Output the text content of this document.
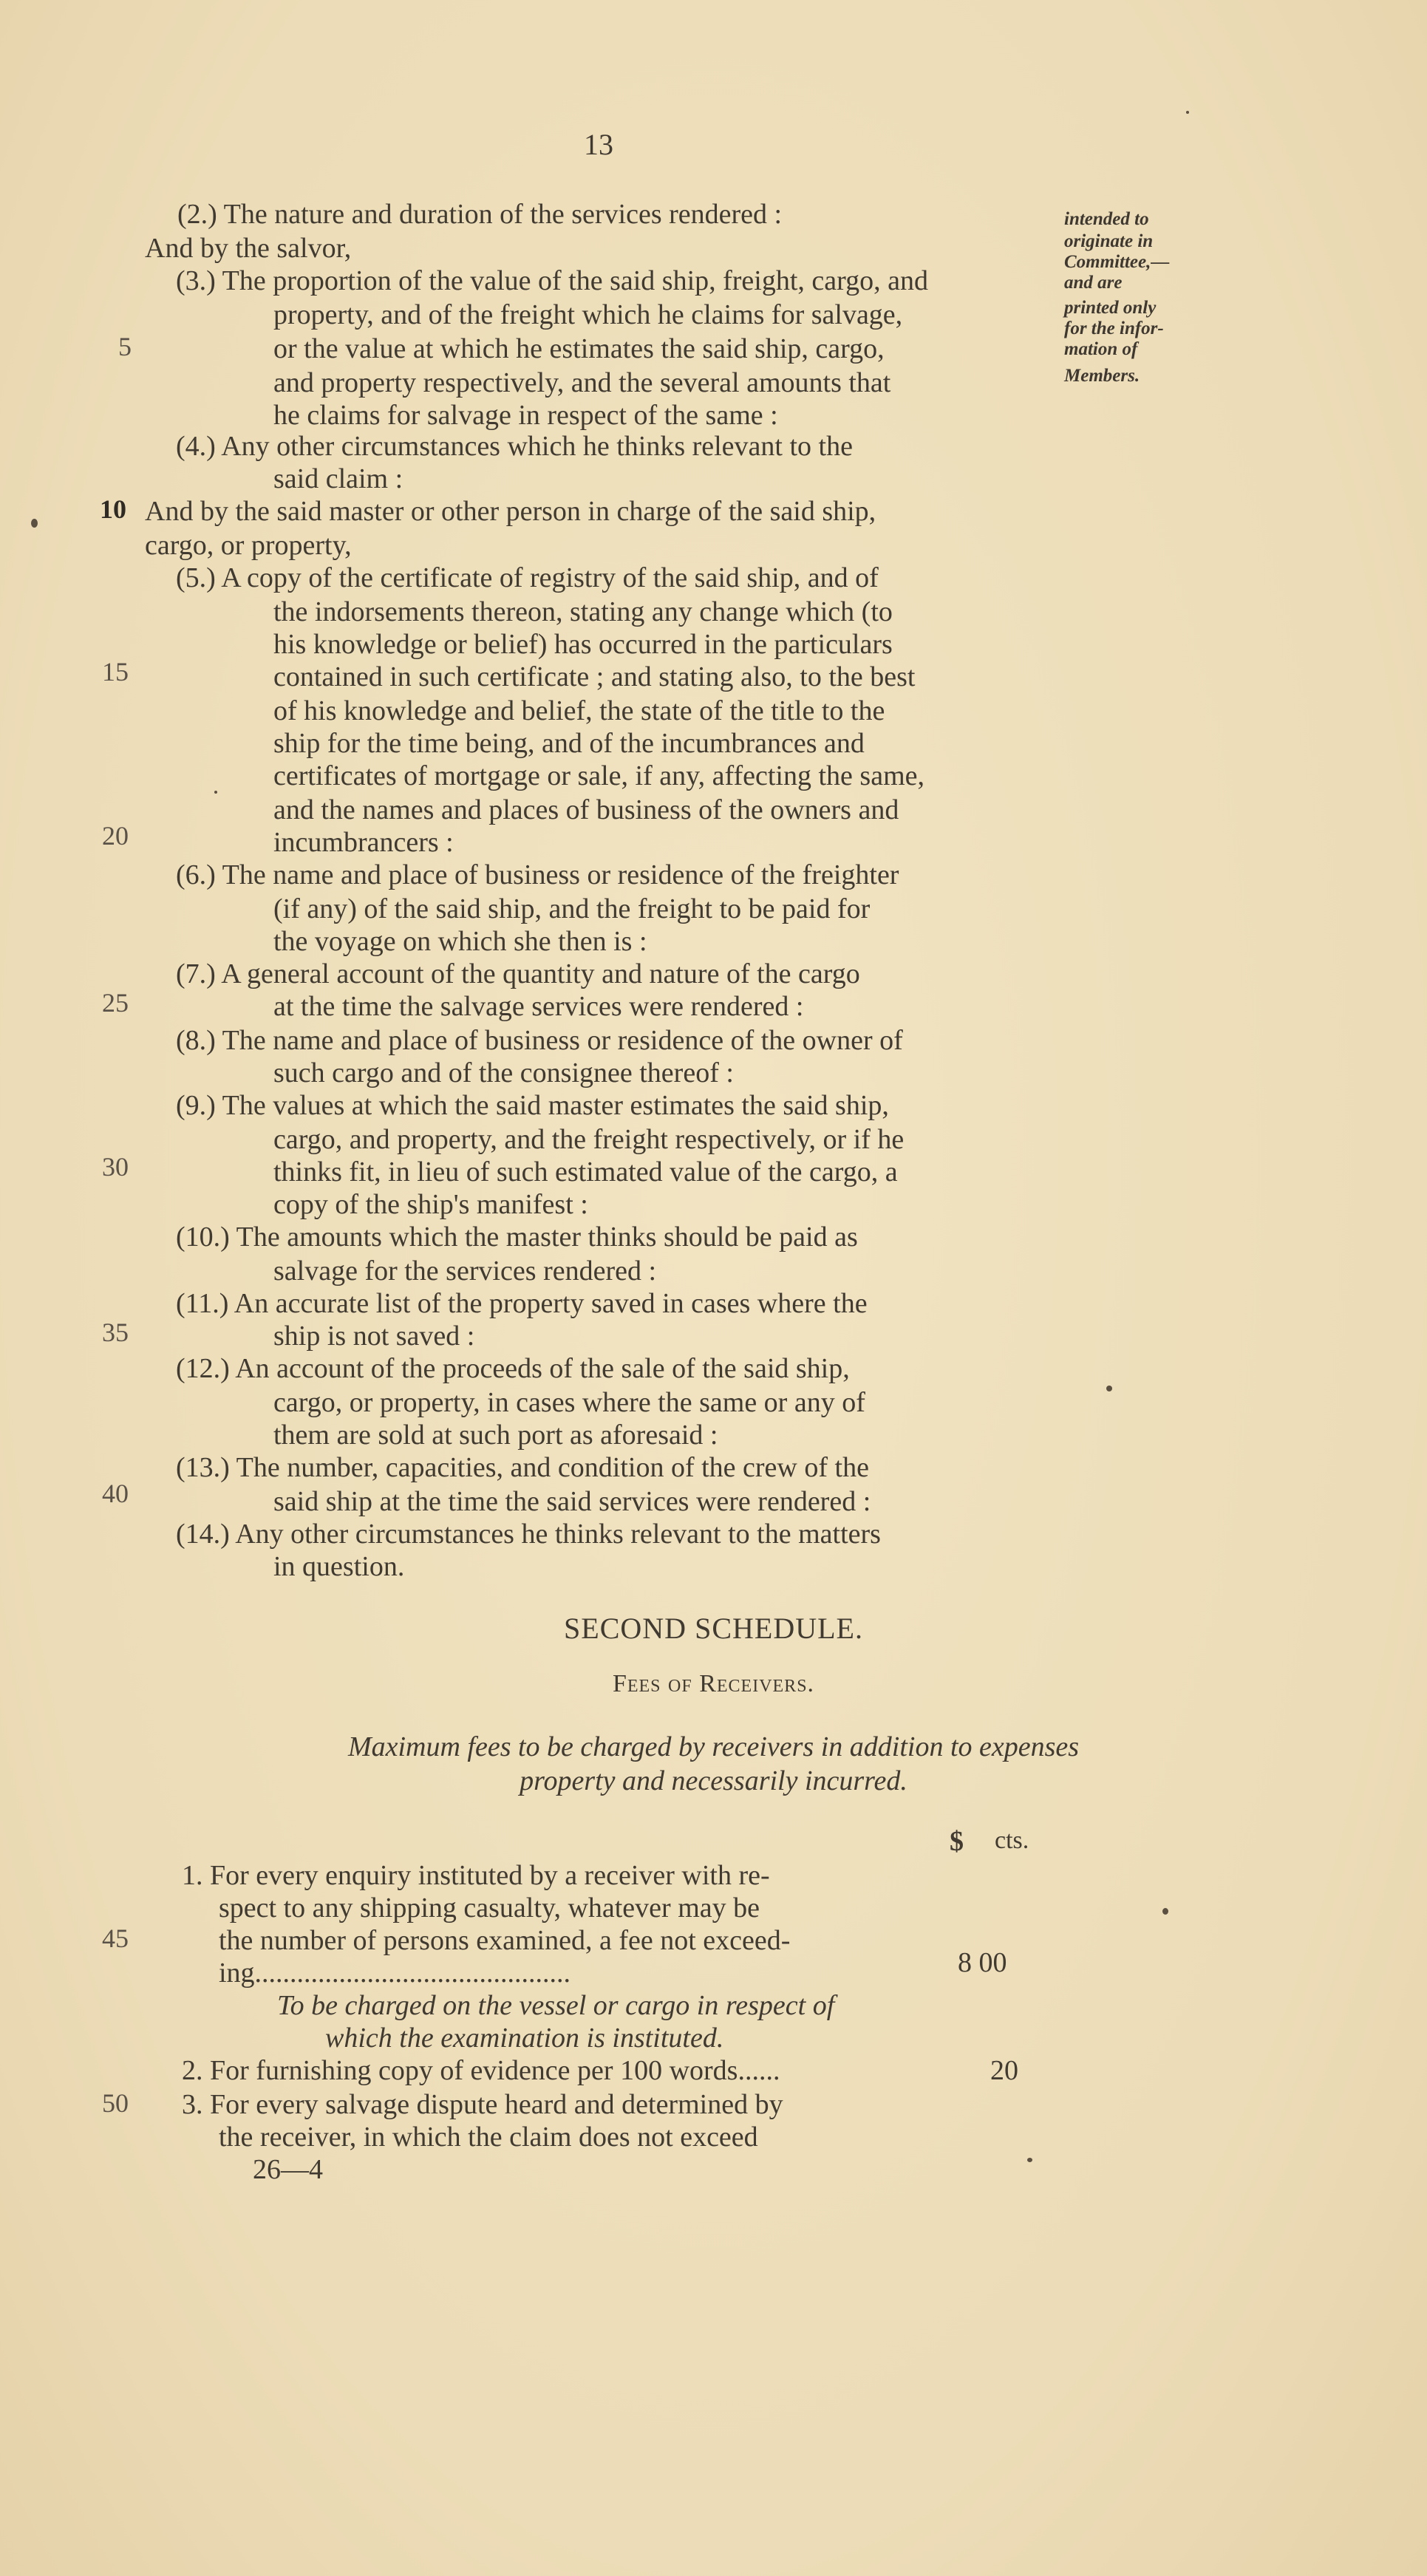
13
intended to
originate in
Committee,—
and are
printed only
for the infor-
mation of
Members.
5
10
15
20
25
30
35
40
45
50
(2.) The nature and duration of the services rendered :
And by the salvor,
(3.) The proportion of the value of the said ship, freight, cargo, and
property, and of the freight which he claims for salvage,
or the value at which he estimates the said ship, cargo,
and property respectively, and the several amounts that
he claims for salvage in respect of the same :
(4.) Any other circumstances which he thinks relevant to the
said claim :
And by the said master or other person in charge of the said ship,
cargo, or property,
(5.) A copy of the certificate of registry of the said ship, and of
the indorsements thereon, stating any change which (to
his knowledge or belief) has occurred in the particulars
contained in such certificate ; and stating also, to the best
of his knowledge and belief, the state of the title to the
ship for the time being, and of the incumbrances and
certificates of mortgage or sale, if any, affecting the same,
and the names and places of business of the owners and
incumbrancers :
(6.) The name and place of business or residence of the freighter
(if any) of the said ship, and the freight to be paid for
the voyage on which she then is :
(7.) A general account of the quantity and nature of the cargo
at the time the salvage services were rendered :
(8.) The name and place of business or residence of the owner of
such cargo and of the consignee thereof :
(9.) The values at which the said master estimates the said ship,
cargo, and property, and the freight respectively, or if he
thinks fit, in lieu of such estimated value of the cargo, a
copy of the ship's manifest :
(10.) The amounts which the master thinks should be paid as
salvage for the services rendered :
(11.) An accurate list of the property saved in cases where the
ship is not saved :
(12.) An account of the proceeds of the sale of the said ship,
cargo, or property, in cases where the same or any of
them are sold at such port as aforesaid :
(13.) The number, capacities, and condition of the crew of the
said ship at the time the said services were rendered :
(14.) Any other circumstances he thinks relevant to the matters
in question.
SECOND SCHEDULE.
Fees of Receivers.
Maximum fees to be charged by receivers in addition to expenses
property and necessarily incurred.
$ cts.
1. For every enquiry instituted by a receiver with re-
spect to any shipping casualty, whatever may be
the number of persons examined, a fee not exceed-
ing.............................................
To be charged on the vessel or cargo in respect of
which the examination is instituted.
2. For furnishing copy of evidence per 100 words......
3. For every salvage dispute heard and determined by
the receiver, in which the claim does not exceed
8 00
20
26—4
